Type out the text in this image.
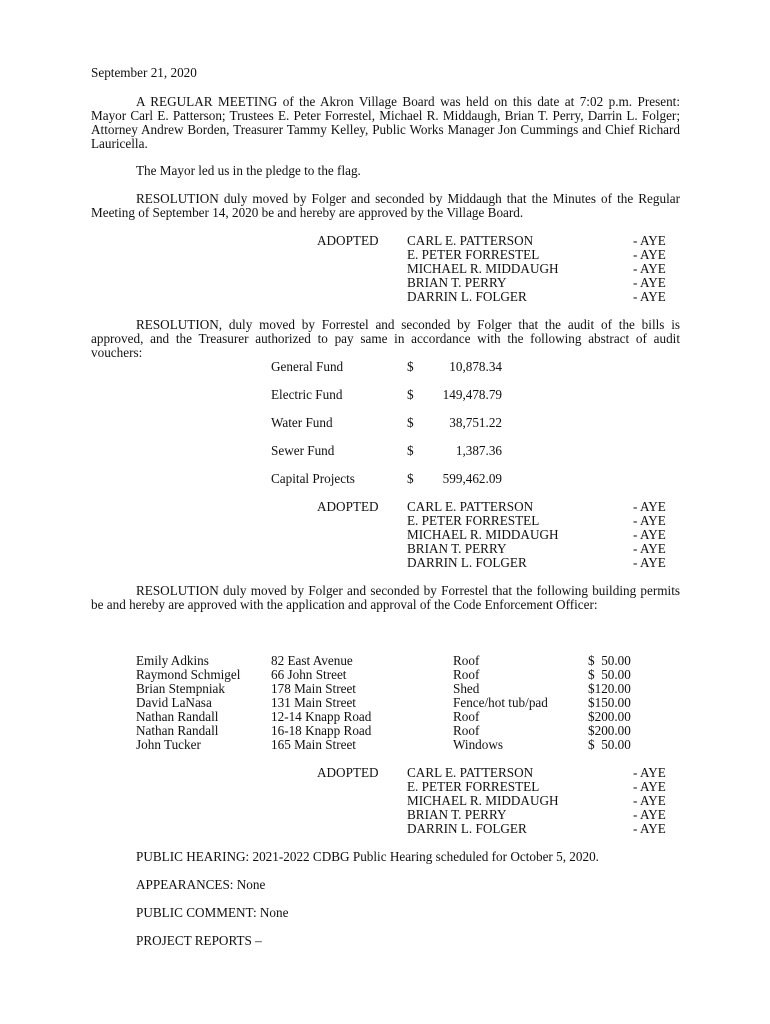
September 21, 2020
A REGULAR MEETING of the Akron Village Board was held on this date at 7:02 p.m. Present: Mayor Carl E. Patterson; Trustees E. Peter Forrestel, Michael R. Middaugh, Brian T. Perry, Darrin L. Folger; Attorney Andrew Borden, Treasurer Tammy Kelley, Public Works Manager Jon Cummings and Chief Richard Lauricella.
The Mayor led us in the pledge to the flag.
RESOLUTION duly moved by Folger and seconded by Middaugh that the Minutes of the Regular Meeting of September 14, 2020 be and hereby are approved by the Village Board.
ADOPTED CARL E. PATTERSON	- AYE
E. PETER FORRESTEL	- AYE
MICHAEL R. MIDDAUGH	- AYE
BRIAN T. PERRY	- AYE
DARRIN L. FOLGER	- AYE
RESOLUTION, duly moved by Forrestel and seconded by Folger that the audit of the bills is approved, and the Treasurer authorized to pay same in accordance with the following abstract of audit vouchers:
General Fund	$	10,878.34
Electric Fund	$	149,478.79
Water Fund	$	38,751.22
Sewer Fund	$	1,387.36
Capital Projects	$	599,462.09
ADOPTED CARL E. PATTERSON	- AYE
E. PETER FORRESTEL	- AYE
MICHAEL R. MIDDAUGH	- AYE
BRIAN T. PERRY	- AYE
DARRIN L. FOLGER	- AYE
RESOLUTION duly moved by Folger and seconded by Forrestel that the following building permits be and hereby are approved with the application and approval of the Code Enforcement Officer:
Emily Adkins	82 East Avenue	Roof	$  50.00
Raymond Schmigel 66 John Street	Roof	$  50.00
Brian Stempniak	178 Main Street	Shed	$120.00
David LaNasa	131 Main Street	Fence/hot tub/pad	$150.00
Nathan Randall	12-14 Knapp Road	Roof	$200.00
Nathan Randall	16-18 Knapp Road	Roof	$200.00
John Tucker	165 Main Street	Windows	$  50.00
ADOPTED CARL E. PATTERSON	- AYE
E. PETER FORRESTEL	- AYE
MICHAEL R. MIDDAUGH	- AYE
BRIAN T. PERRY	- AYE
DARRIN L. FOLGER	- AYE
PUBLIC HEARING: 2021-2022 CDBG Public Hearing scheduled for October 5, 2020.
APPEARANCES: None
PUBLIC COMMENT: None
PROJECT REPORTS –
